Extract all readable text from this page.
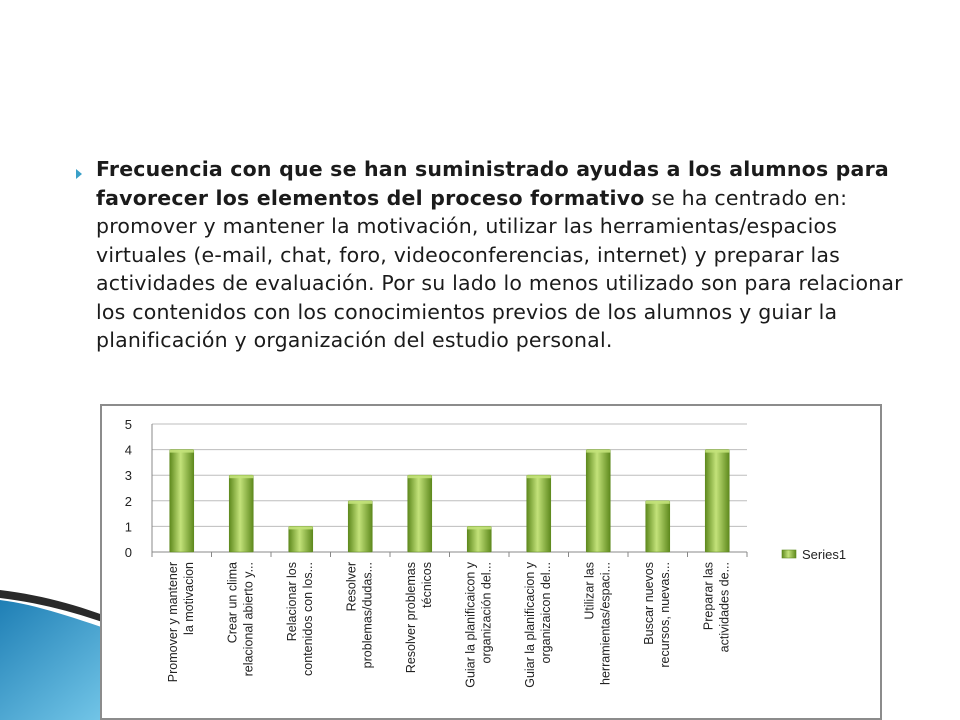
Frecuencia con que se han suministrado ayudas a los alumnos para favorecer los elementos del proceso formativo se ha centrado en: promover y mantener la motivación, utilizar las herramientas/espacios virtuales (e-mail, chat, foro, videoconferencias, internet) y preparar las actividades de evaluación. Por su lado lo menos utilizado son para relacionar los contenidos con los conocimientos previos de los alumnos y guiar la planificación y organización del estudio personal.
0
1
2
3
4
5
Promover y mantener la motivacion Crear un clima relacional abierto y... Relacionar los contenidos con los... Resolver problemas/dudas... Resolver problemas técnicos Guiar la planificaicon y organización del... Guiar la planificacion y organizaicon del... Utilizar las herramientas/espaci... Buscar nuevos recursos, nuevas... Preparar las actividades de...
Series1
